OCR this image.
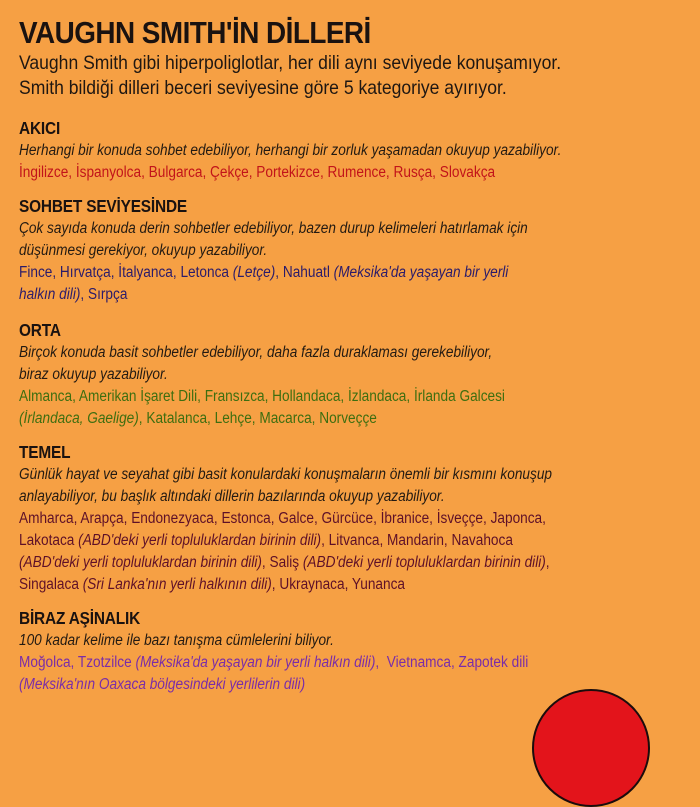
VAUGHN SMITH'İN DİLLERİ
Vaughn Smith gibi hiperpoliglotlar, her dili aynı seviyede konuşamıyor.
Smith bildiği dilleri beceri seviyesine göre 5 kategoriye ayırıyor.
AKICI
Herhangi bir konuda sohbet edebiliyor, herhangi bir zorluk yaşamadan okuyup yazabiliyor.
İngilizce, İspanyolca, Bulgarca, Çekçe, Portekizce, Rumence, Rusça, Slovakça
SOHBET SEVİYESİNDE
Çok sayıda konuda derin sohbetler edebiliyor, bazen durup kelimeleri hatırlamak için
düşünmesi gerekiyor, okuyup yazabiliyor.
Fince, Hırvatça, İtalyanca, Letonca (Letçe), Nahuatl (Meksika'da yaşayan bir yerli
halkın dili), Sırpça
ORTA
Birçok konuda basit sohbetler edebiliyor, daha fazla duraklaması gerekebiliyor,
biraz okuyup yazabiliyor.
Almanca, Amerikan İşaret Dili, Fransızca, Hollandaca, İzlandaca, İrlanda Galcesi
(İrlandaca, Gaelige), Katalanca, Lehçe, Macarca, Norveççe
TEMEL
Günlük hayat ve seyahat gibi basit konulardaki konuşmaların önemli bir kısmını konuşup
anlayabiliyor, bu başlık altındaki dillerin bazılarında okuyup yazabiliyor.
Amharca, Arapça, Endonezyaca, Estonca, Galce, Gürcüce, İbranice, İsveççe, Japonca,
Lakotaca (ABD'deki yerli topluluklardan birinin dili), Litvanca, Mandarin, Navahoca
(ABD'deki yerli topluluklardan birinin dili), Saliş (ABD'deki yerli topluluklardan birinin dili),
Singalaca (Sri Lanka'nın yerli halkının dili), Ukraynaca, Yunanca
BİRAZ AŞİNALIK
100 kadar kelime ile bazı tanışma cümlelerini biliyor.
Moğolca, Tzotzilce (Meksika'da yaşayan bir yerli halkın dili),  Vietnamca, Zapotek dili
(Meksika'nın Oaxaca bölgesindeki yerlilerin dili)
